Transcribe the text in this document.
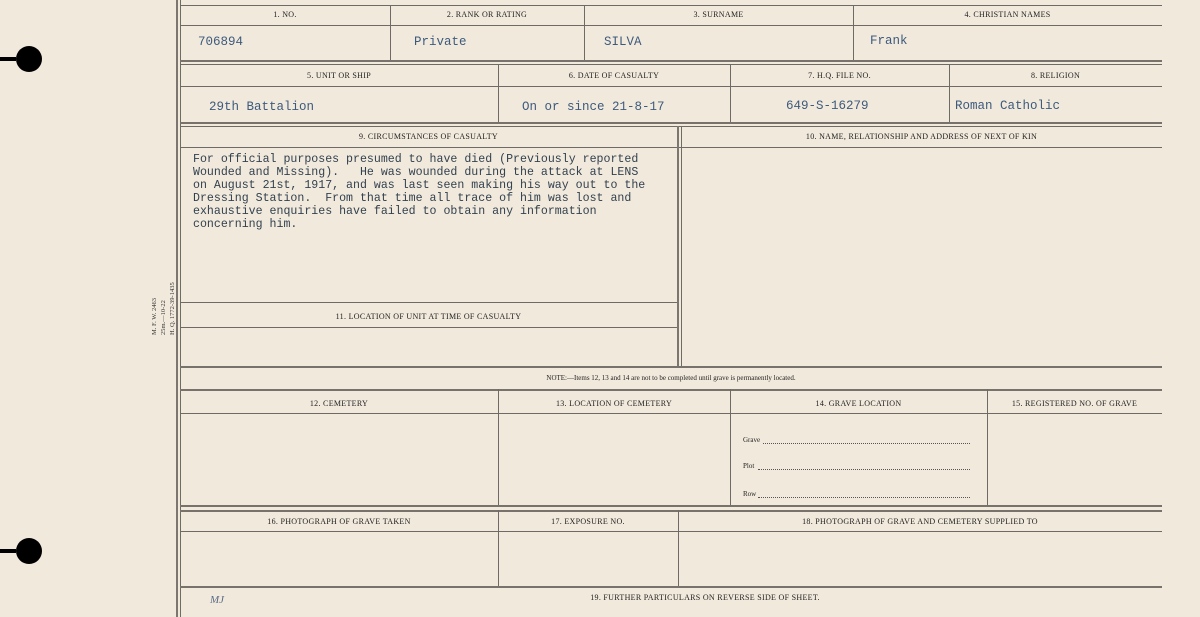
M. F. W. 2463 25m.—10-22 H. Q. 1772-39-1435
1. NO.	2. RANK OR RATING	3. SURNAME	4. CHRISTIAN NAMES
706894	Private	SILVA	Frank
5. UNIT OR SHIP	6. DATE OF CASUALTY	7. H.Q. FILE NO.	8. RELIGION
29th Battalion	On or since 21-8-17	649-S-16279	Roman Catholic
9. CIRCUMSTANCES OF CASUALTY	10. NAME, RELATIONSHIP AND ADDRESS OF NEXT OF KIN
For official purposes presumed to have died (Previously reported
Wounded and Missing).   He was wounded during the attack at LENS
on August 21st, 1917, and was last seen making his way out to the
Dressing Station.  From that time all trace of him was lost and
exhaustive enquiries have failed to obtain any information
concerning him.
11. LOCATION OF UNIT AT TIME OF CASUALTY
NOTE:—Items 12, 13 and 14 are not to be completed until grave is permanently located.
12. CEMETERY	13. LOCATION OF CEMETERY	14. GRAVE LOCATION	15. REGISTERED NO. OF GRAVE
Grave
Plot
Row
16. PHOTOGRAPH OF GRAVE TAKEN	17. EXPOSURE NO.	18. PHOTOGRAPH OF GRAVE AND CEMETERY SUPPLIED TO
19. FURTHER PARTICULARS ON REVERSE SIDE OF SHEET.
MJ
